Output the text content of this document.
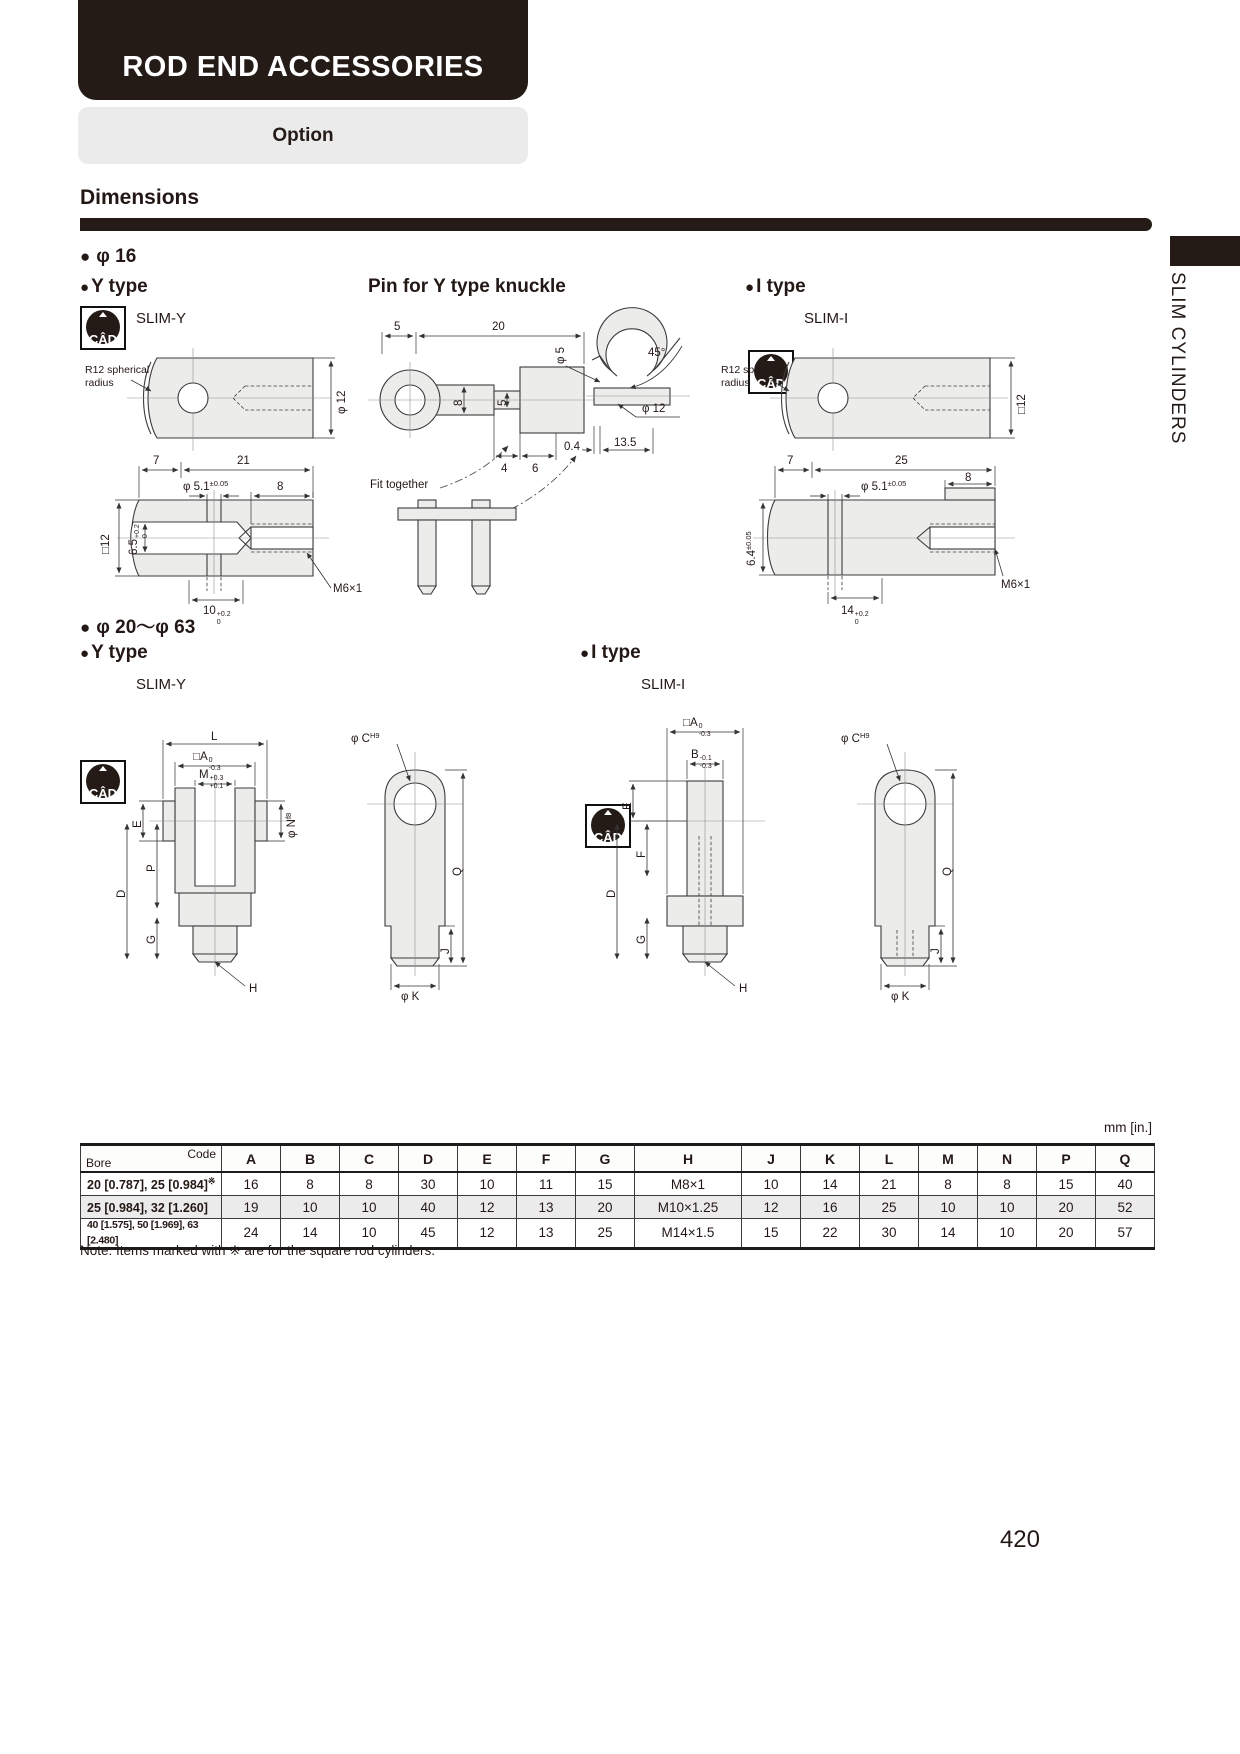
ROD END ACCESSORIES
Option
Dimensions
SLIM CYLINDERS
● φ 16
● Y type	Pin for Y type knuckle	● I type
CÂD
SLIM-Y
CÂD
SLIM-I
R12 spherical
radius
φ 12
7	21
φ $5.1^{\pm 0.05}$	8
□12 6.5
+0.2 0
M6×1
10 +0.2
0
5	20
8	5
4 6
φ 5	45°
φ 12
0.4	13.5
Fit together
R12 spherical
radius
□12
7	25
φ $5.1^{\pm 0.05}$	8
$6.4^{\pm 0.05}$
M6×1
14 +0.2
0
● φ 20～φ 63
● Y type	● I type
CÂD
SLIM-Y
CÂD
SLIM-I
L
□A 0
-0.3
M +0.3
+0.1
φ $N^{f8}$
E
P
D
G
H
φ $C^{H9}$
Q
J
φ K
□A 0
-0.3
B -0.1
-0.3
E
F
D
G
H
φ $C^{H9}$
Q
J
φ K
mm [in.]
Code
Bore	A	B	C	D	E	F	G	H	J	K	L	M	N	P	Q
20 [0.787], 25 [0.984]※	16	8	8	30	10	11	15	M8×1	10	14	21	8	8	15	40
25 [0.984], 32 [1.260]	19	10	10	40	12	13	20	M10×1.25	12	16	25	10	10	20	52
40 [1.575], 50 [1.969], 63 [2.480]	24	14	10	45	12	13	25	M14×1.5	15	22	30	14	10	20	57
Note: Items marked with ※ are for the square rod cylinders.
420
